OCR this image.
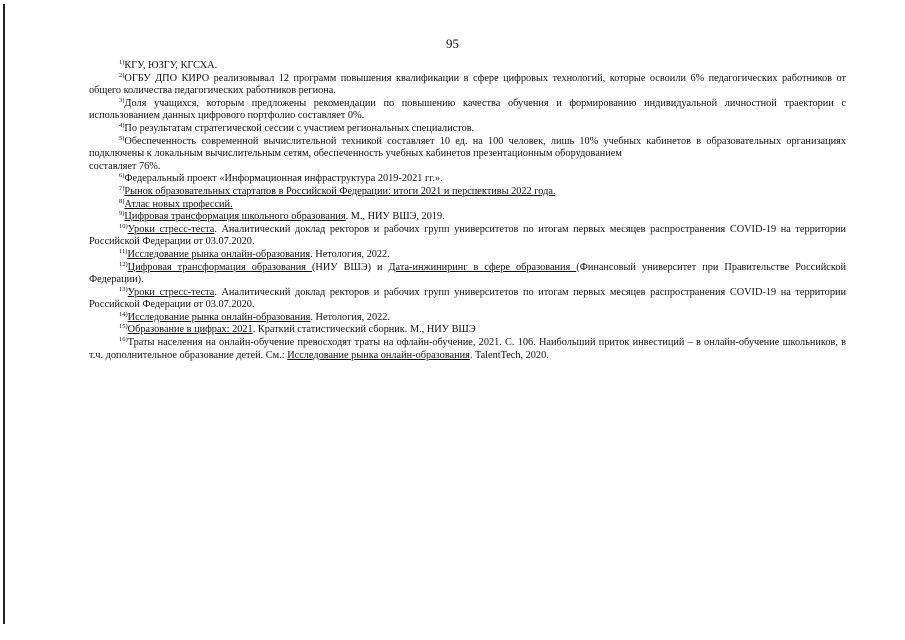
95

$^{1)}$КГУ, ЮЗГУ, КГСХА.

$^{2)}$ОГБУ ДПО КИРО реализовывал 12 программ повышения квалификации в сфере цифровых технологий, которые освоили 6% педагогических работников от общего количества педагогических работников региона.

$^{3)}$Доля учащихся, которым предложены рекомендации по повышению качества обучения и формированию индивидуальной личностной траектории с использованием данных цифрового портфолио составляет 0%.

$^{4)}$По результатам стратегической сессии с участием региональных специалистов.

$^{5)}$Обеспеченность современной вычислительной техникой составляет 10 ед. на 100 человек, лишь 10% учебных кабинетов в образовательных организациях подключены к локальным вычислительным сетям, обеспеченность учебных кабинетов презентационным оборудованием

составляет 76%.

$^{6)}$Федеральный проект «Информационная инфраструктура 2019-2021 гг.».

$^{7)}$Рынок образовательных стартапов в Российской Федерации: итоги 2021 и перспективы 2022 года.

$^{8)}$Атлас новых профессий.

$^{9)}$Цифровая трансформация школьного образования. М., НИУ ВШЭ, 2019.

$^{10)}$Уроки стресс-теста. Аналитический доклад ректоров и рабочих групп университетов по итогам первых месяцев распространения COVID-19 на территории Российской Федерации от 03.07.2020.

$^{11)}$Исследование рынка онлайн-образования. Нетология, 2022.

$^{12)}$Цифровая трансформация образования (НИУ ВШЭ) и Дата-инжиниринг в сфере образования (Финансовый университет при Правительстве Российской Федерации).

$^{13)}$Уроки стресс-теста. Аналитический доклад ректоров и рабочих групп университетов по итогам первых месяцев распространения COVID-19 на территории Российской Федерации от 03.07.2020.

$^{14)}$Исследование рынка онлайн-образования. Нетология, 2022.

$^{15)}$Образование в цифрах: 2021. Краткий статистический сборник. М., НИУ ВШЭ

$^{16)}$Траты населения на онлайн-обучение превосходят траты на офлайн-обучение, 2021. С. 106. Наибольший приток инвестиций – в онлайн-обучение школьников, в т.ч. дополнительное образование детей. См.: Исследование рынка онлайн-образования. TalentTech, 2020.
